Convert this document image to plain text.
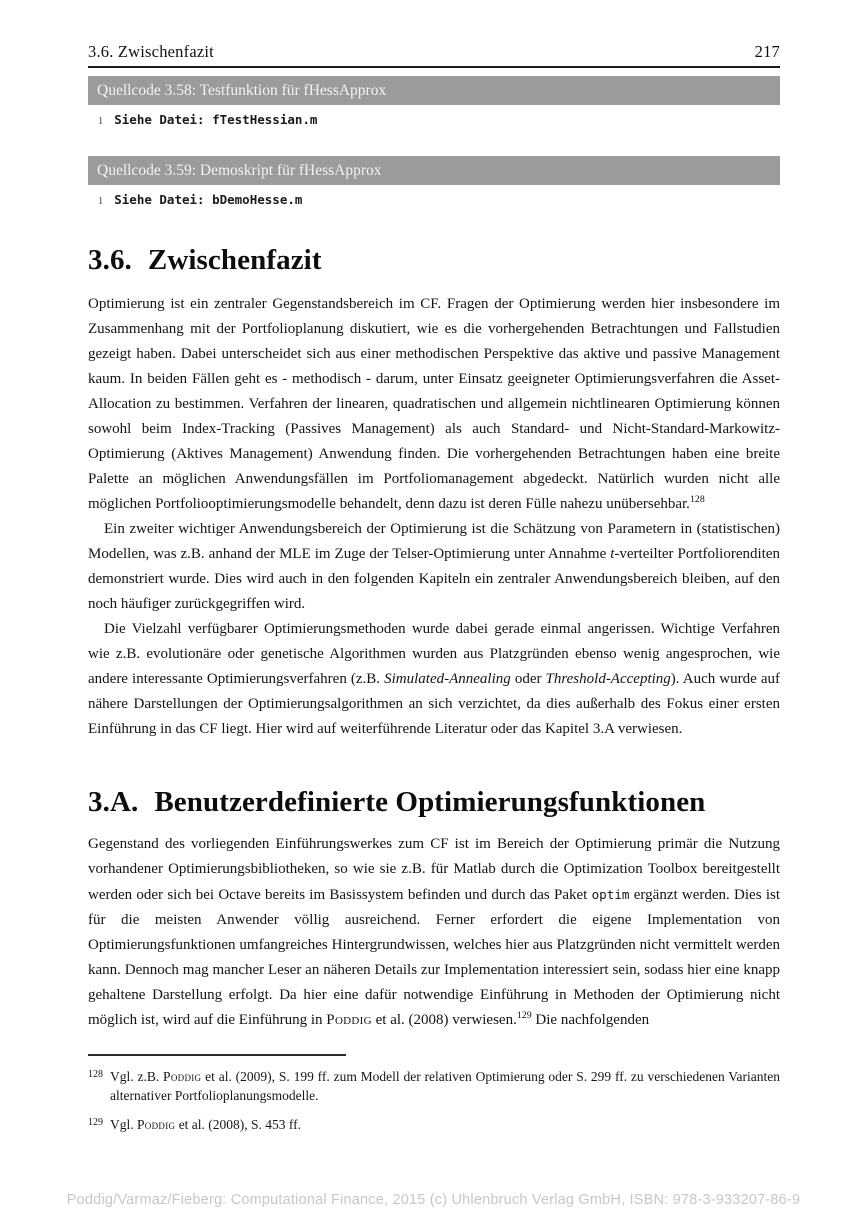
3.6. Zwischenfazit	217
Quellcode 3.58: Testfunktion für fHessApprox
1 Siehe Datei: fTestHessian.m
Quellcode 3.59: Demoskript für fHessApprox
1 Siehe Datei: bDemoHesse.m
3.6. Zwischenfazit

Optimierung ist ein zentraler Gegenstandsbereich im CF. Fragen der Optimierung werden hier insbesondere im Zusammenhang mit der Portfolioplanung diskutiert, wie es die vorhergehenden Betrachtungen und Fallstudien gezeigt haben. Dabei unterscheidet sich aus einer methodischen Perspektive das aktive und passive Management kaum. In beiden Fällen geht es - methodisch - darum, unter Einsatz geeigneter Optimierungsverfahren die Asset-Allocation zu bestimmen. Verfahren der linearen, quadratischen und allgemein nichtlinearen Optimierung können sowohl beim Index-Tracking (Passives Management) als auch Standard- und Nicht-Standard-Markowitz-Optimierung (Aktives Management) Anwendung finden. Die vorhergehenden Betrachtungen haben eine breite Palette an möglichen Anwendungsfällen im Portfoliomanagement abgedeckt. Natürlich wurden nicht alle möglichen Portfoliooptimierungsmodelle behandelt, denn dazu ist deren Fülle nahezu unübersehbar.$^{128}$

Ein zweiter wichtiger Anwendungsbereich der Optimierung ist die Schätzung von Parametern in (statistischen) Modellen, was z.B. anhand der MLE im Zuge der Telser-Optimierung unter Annahme t-verteilter Portfoliorenditen demonstriert wurde. Dies wird auch in den folgenden Kapiteln ein zentraler Anwendungsbereich bleiben, auf den noch häufiger zurückgegriffen wird.

Die Vielzahl verfügbarer Optimierungsmethoden wurde dabei gerade einmal angerissen. Wichtige Verfahren wie z.B. evolutionäre oder genetische Algorithmen wurden aus Platzgründen ebenso wenig angesprochen, wie andere interessante Optimierungsverfahren (z.B. Simulated-Annealing oder Threshold-Accepting). Auch wurde auf nähere Darstellungen der Optimierungsalgorithmen an sich verzichtet, da dies außerhalb des Fokus einer ersten Einführung in das CF liegt. Hier wird auf weiterführende Literatur oder das Kapitel 3.A verwiesen.

3.A. Benutzerdefinierte Optimierungsfunktionen

Gegenstand des vorliegenden Einführungswerkes zum CF ist im Bereich der Optimierung primär die Nutzung vorhandener Optimierungsbibliotheken, so wie sie z.B. für Matlab durch die Optimization Toolbox bereitgestellt werden oder sich bei Octave bereits im Basissystem befinden und durch das Paket optim ergänzt werden. Dies ist für die meisten Anwender völlig ausreichend. Ferner erfordert die eigene Implementation von Optimierungsfunktionen umfangreiches Hintergrundwissen, welches hier aus Platzgründen nicht vermittelt werden kann. Dennoch mag mancher Leser an näheren Details zur Implementation interessiert sein, sodass hier eine knapp gehaltene Darstellung erfolgt. Da hier eine dafür notwendige Einführung in Methoden der Optimierung nicht möglich ist, wird auf die Einführung in Poddig et al. (2008) verwiesen.$^{129}$ Die nachfolgenden

128 Vgl. z.B. Poddig et al. (2009), S. 199 ff. zum Modell der relativen Optimierung oder S. 299 ff. zu verschiedenen Varianten alternativer Portfolioplanungsmodelle.
129 Vgl. Poddig et al. (2008), S. 453 ff.
Poddig/Varmaz/Fieberg: Computational Finance, 2015 (c) Uhlenbruch Verlag GmbH, ISBN: 978-3-933207-86-9
